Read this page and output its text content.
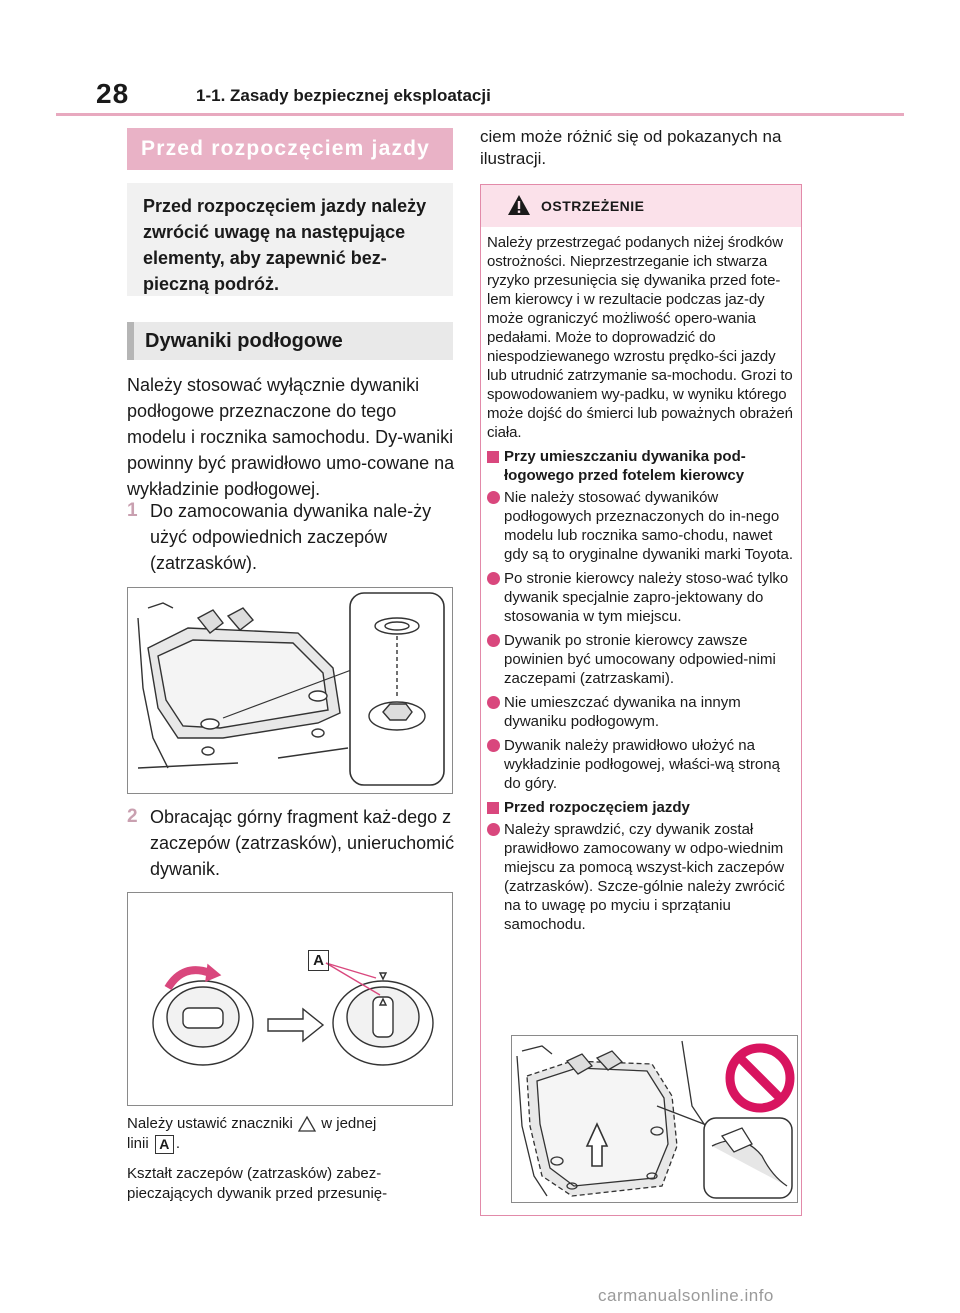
28	1-1. Zasady bezpiecznej eksploatacji
Przed rozpoczęciem jazdy
Przed rozpoczęciem jazdy należy zwrócić uwagę na następujące elementy, aby zapewnić bez-pieczną podróż.
Dywaniki podłogowe
Należy stosować wyłącznie dywaniki podłogowe przeznaczone do tego modelu i rocznika samochodu. Dy-waniki powinny być prawidłowo umo-cowane na wykładzinie podłogowej.
1 Do zamocowania dywanika nale-ży użyć odpowiednich zaczepów (zatrzasków).
2 Obracając górny fragment każ-dego z zaczepów (zatrzasków), unieruchomić dywanik.
A
Należy ustawić znaczniki w jednej
linii A .
Kształt zaczepów (zatrzasków) zabez-pieczających dywanik przed przesunię-
ciem może różnić się od pokazanych na ilustracji.
OSTRZEŻENIE

Należy przestrzegać podanych niżej środków ostrożności. Nieprzestrzeganie ich stwarza ryzyko przesunięcia się dywanika przed fote-lem kierowcy i w rezultacie podczas jaz-dy może ograniczyć możliwość opero-wania pedałami. Może to doprowadzić do niespodziewanego wzrostu prędko-ści jazdy lub utrudnić zatrzymanie sa-mochodu. Grozi to spowodowaniem wy-padku, w wyniku którego może dojść do śmierci lub poważnych obrażeń ciała.

Przy umieszczaniu dywanika pod-łogowego przed fotelem kierowcy
Nie należy stosować dywaników podłogowych przeznaczonych do in-nego modelu lub rocznika samo-chodu, nawet gdy są to oryginalne dywaniki marki Toyota.
Po stronie kierowcy należy stoso-wać tylko dywanik specjalnie zapro-jektowany do stosowania w tym miejscu.
Dywanik po stronie kierowcy zawsze powinien być umocowany odpowied-nimi zaczepami (zatrzaskami).
Nie umieszczać dywanika na innym dywaniku podłogowym.
Dywanik należy prawidłowo ułożyć na wykładzinie podłogowej, właści-wą stroną do góry.
Przed rozpoczęciem jazdy
Należy sprawdzić, czy dywanik został prawidłowo zamocowany w odpo-wiednim miejscu za pomocą wszyst-kich zaczepów (zatrzasków). Szcze-gólnie należy zwrócić na to uwagę po myciu i sprzątaniu samochodu.
carmanualsonline.info
